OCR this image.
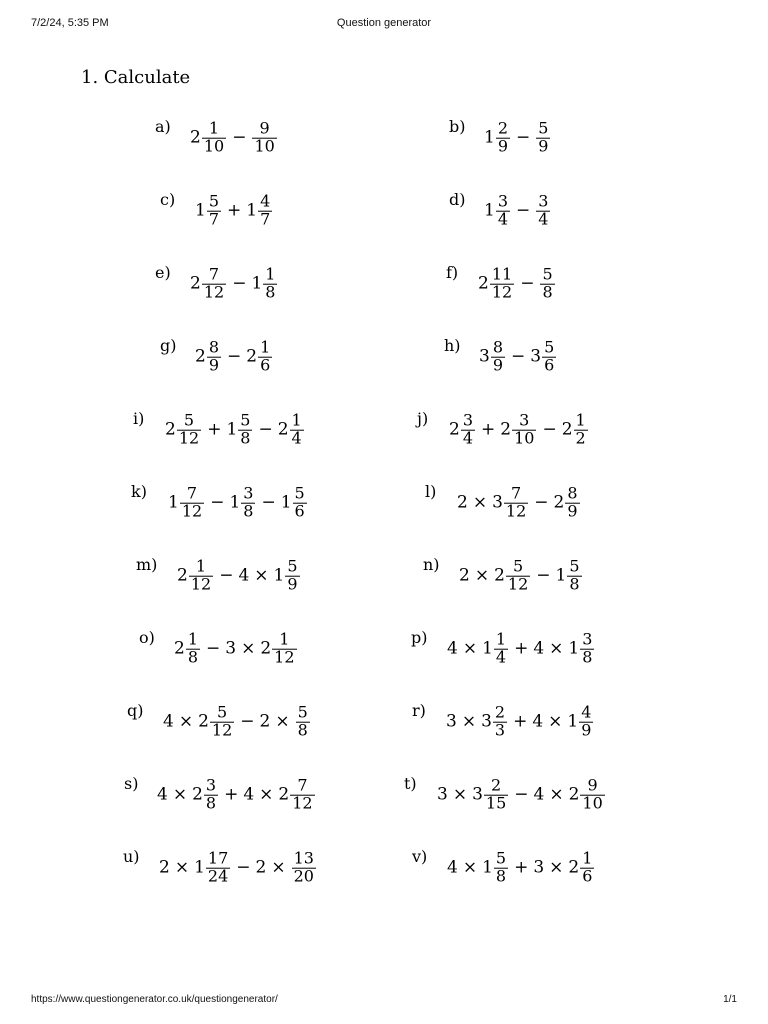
7/2/24, 5:35 PM	Question generator
1. Calculate
a)
$2 \frac{1}{10} - \frac{9}{10}$	b)
$1 \frac{2}{9} - \frac{5}{9}$
c)
$1 \frac{5}{7} + 1 \frac{4}{7}$	d)
$1 \frac{3}{4} - \frac{3}{4}$
e)
$2 \frac{7}{12} - 1 \frac{1}{8}$	f)
$2 \frac{11}{12} - \frac{5}{8}$
g)
$2 \frac{8}{9} - 2 \frac{1}{6}$	h)
$3 \frac{8}{9} - 3 \frac{5}{6}$
i)
$2 \frac{5}{12} + 1 \frac{5}{8} - 2 \frac{1}{4}$	j)
$2 \frac{3}{4} + 2 \frac{3}{10} - 2 \frac{1}{2}$
k)
$1 \frac{7}{12} - 1 \frac{3}{8} - 1 \frac{5}{6}$	l)
$2 \times 3 \frac{7}{12} - 2 \frac{8}{9}$
m)
$2 \frac{1}{12} - 4 \times 1 \frac{5}{9}$	n)
$2 \times 2 \frac{5}{12} - 1 \frac{5}{8}$
o)
$2 \frac{1}{8} - 3 \times 2 \frac{1}{12}$	p)
$4 \times 1 \frac{1}{4} + 4 \times 1 \frac{3}{8}$
q)
$4 \times 2 \frac{5}{12} - 2 \times \frac{5}{8}$	r)
$3 \times 3 \frac{2}{3} + 4 \times 1 \frac{4}{9}$
s)
$4 \times 2 \frac{3}{8} + 4 \times 2 \frac{7}{12}$	t)
$3 \times 3 \frac{2}{15} - 4 \times 2 \frac{9}{10}$
u)
$2 \times 1 \frac{17}{24} - 2 \times \frac{13}{20}$	v)
$4 \times 1 \frac{5}{8} + 3 \times 2 \frac{1}{6}$
https://www.questiongenerator.co.uk/questiongenerator/	1/1
